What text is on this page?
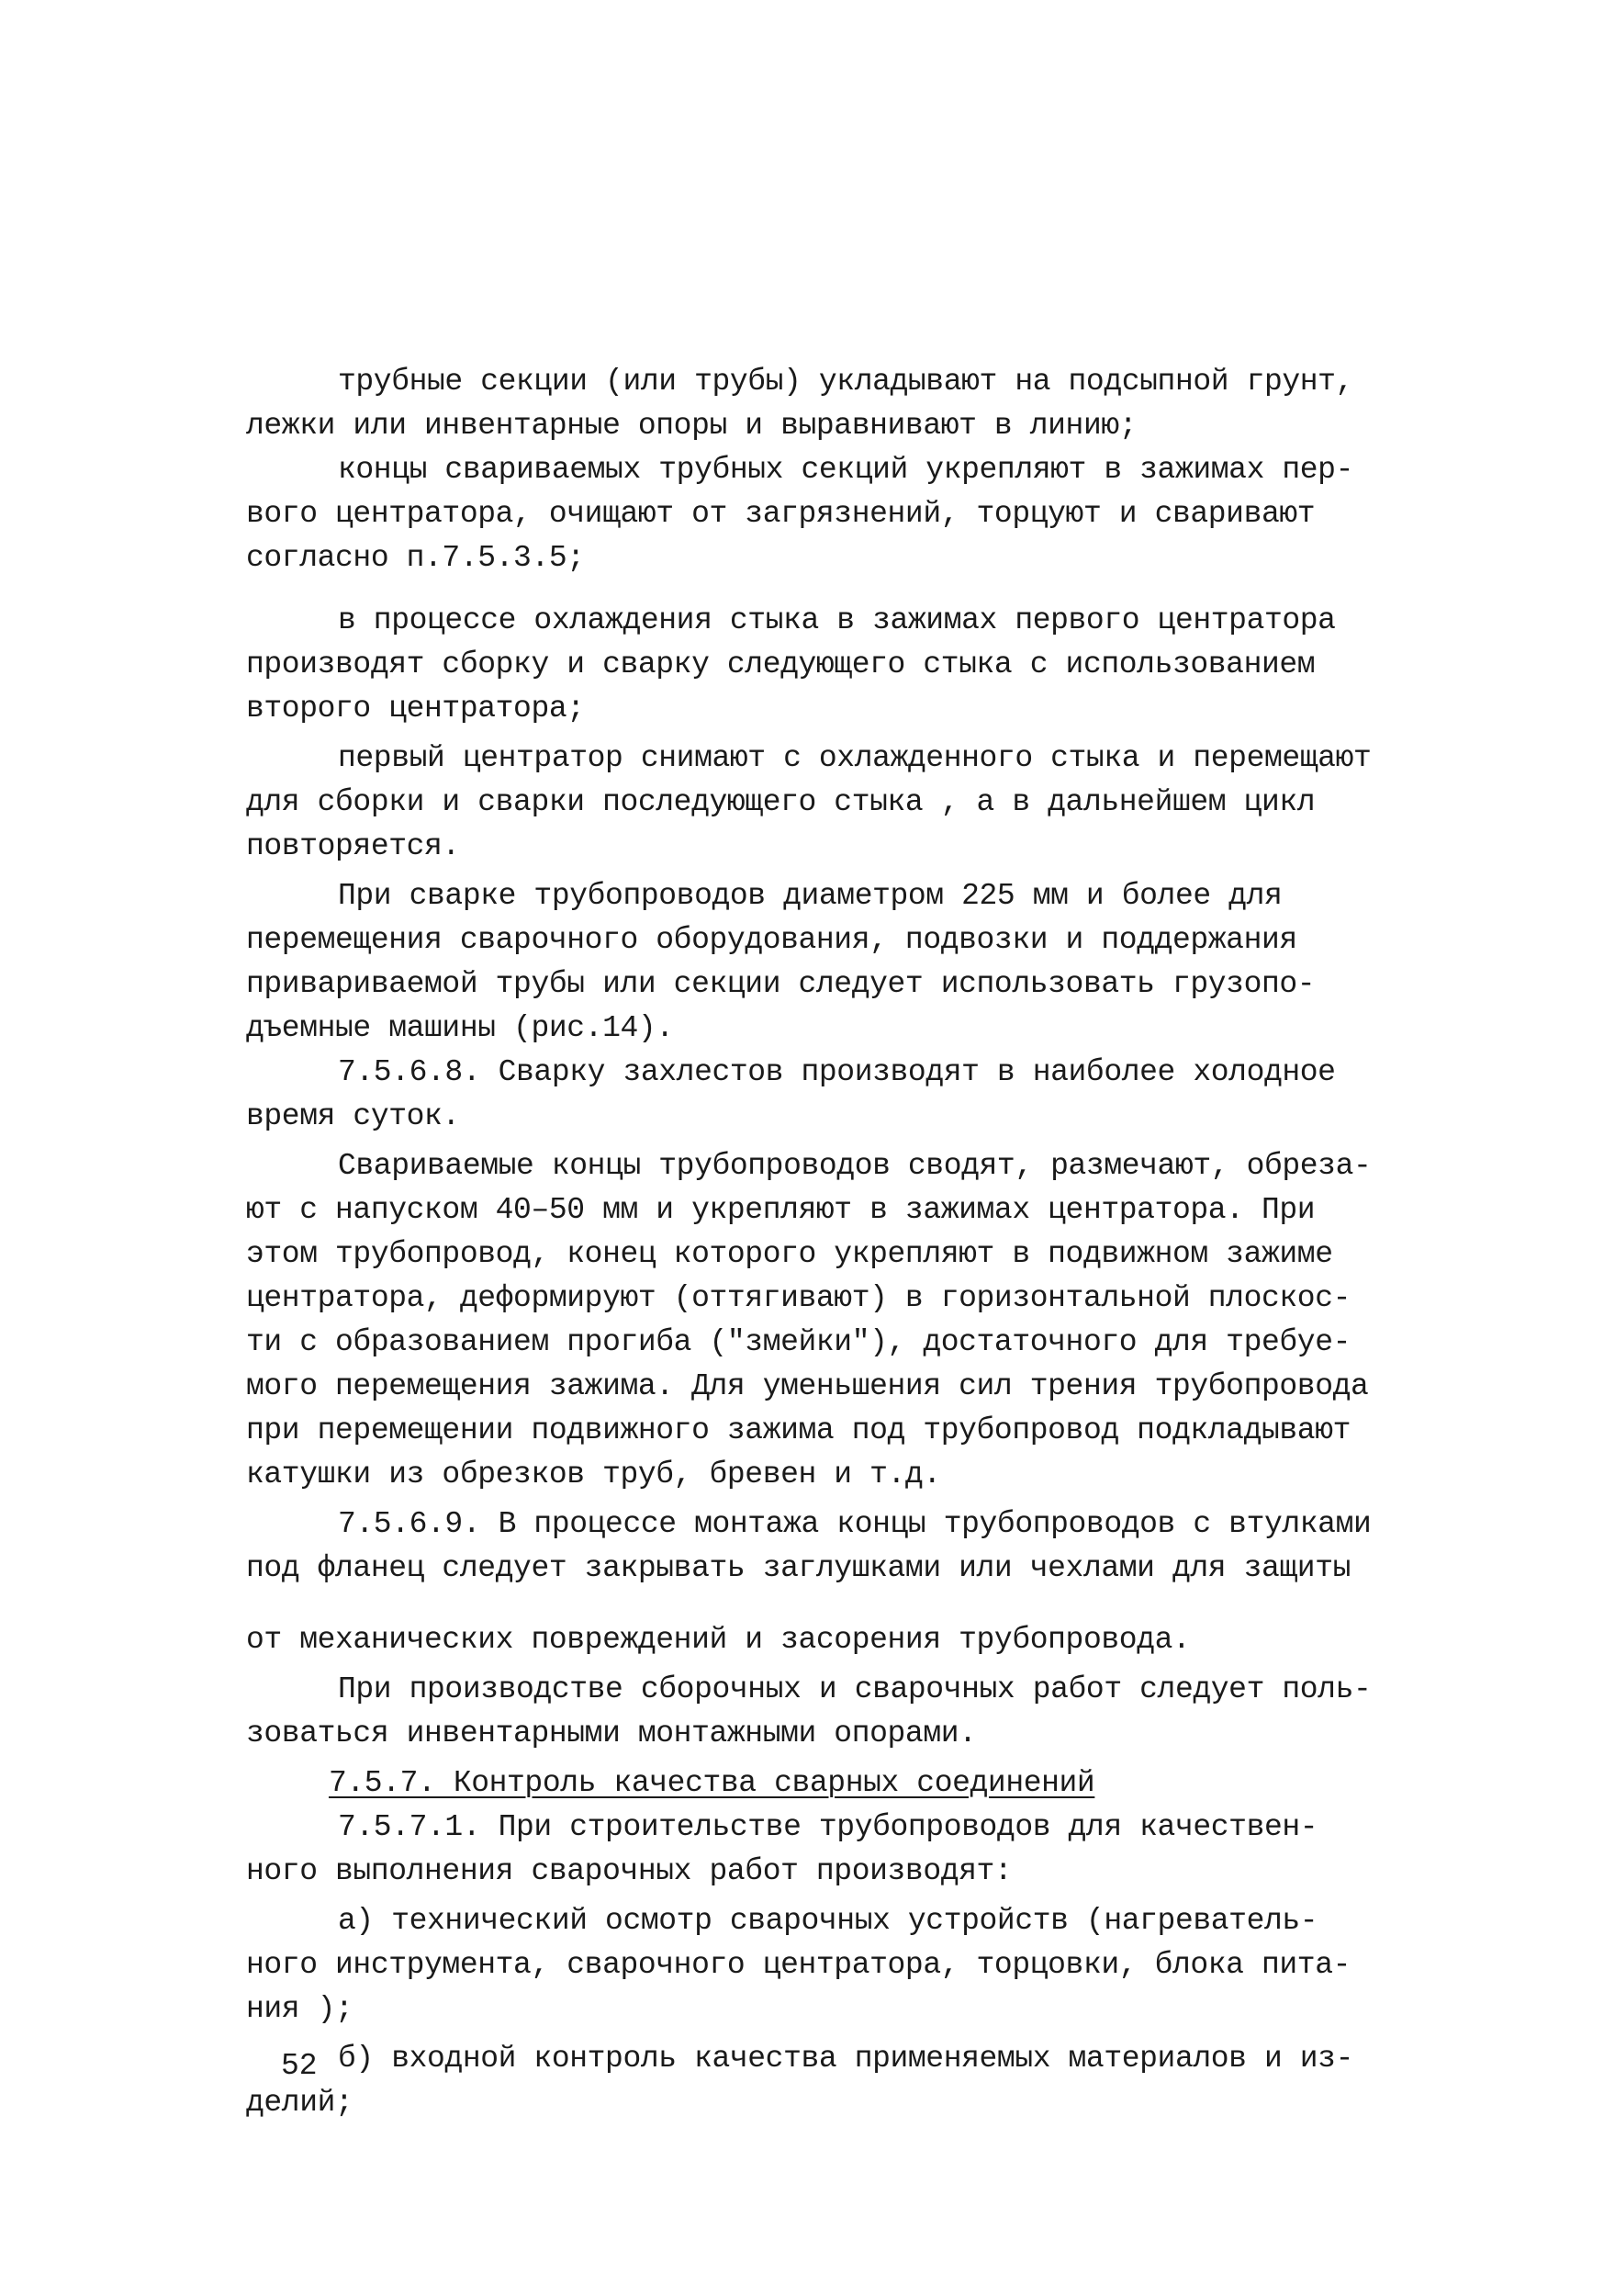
трубные секции (или трубы) укладывают на подсыпной грунт,
лежки или инвентарные опоры и выравнивают в линию;
концы свариваемых трубных секций укрепляют в зажимах пер-
вого центратора, очищают от загрязнений, торцуют и сваривают
согласно п.7.5.3.5;
в процессе охлаждения стыка в зажимах первого центратора
производят сборку и сварку следующего стыка с использованием
второго центратора;
первый центратор снимают с охлажденного стыка и перемещают
для сборки и сварки последующего стыка , а в дальнейшем цикл
повторяется.
При сварке трубопроводов диаметром 225 мм и более для
перемещения сварочного оборудования, подвозки и поддержания
привариваемой трубы или секции следует использовать грузопо-
дъемные машины (рис.14).
7.5.6.8. Сварку захлестов производят в наиболее холодное
время суток.
Свариваемые концы трубопроводов сводят, размечают, обреза-
ют с напуском 40–50 мм и укрепляют в зажимах центратора. При
этом трубопровод, конец которого укрепляют в подвижном зажиме
центратора, деформируют (оттягивают) в горизонтальной плоскос-
ти с образованием прогиба ("змейки"), достаточного для требуе-
мого перемещения зажима. Для уменьшения сил трения трубопровода
при перемещении подвижного зажима под трубопровод подкладывают
катушки из обрезков труб, бревен и т.д.
7.5.6.9. В процессе монтажа концы трубопроводов с втулками
под фланец следует закрывать заглушками или чехлами для защиты
от механических повреждений и засорения трубопровода.
При производстве сборочных и сварочных работ следует поль-
зоваться инвентарными монтажными опорами.
7.5.7. Контроль качества сварных соединений
7.5.7.1. При строительстве трубопроводов для качествен-
ного выполнения сварочных работ производят:
а) технический осмотр сварочных устройств (нагреватель-
ного инструмента, сварочного центратора, торцовки, блока пита-
ния );
б) входной контроль качества применяемых материалов и из-
делий;
52
